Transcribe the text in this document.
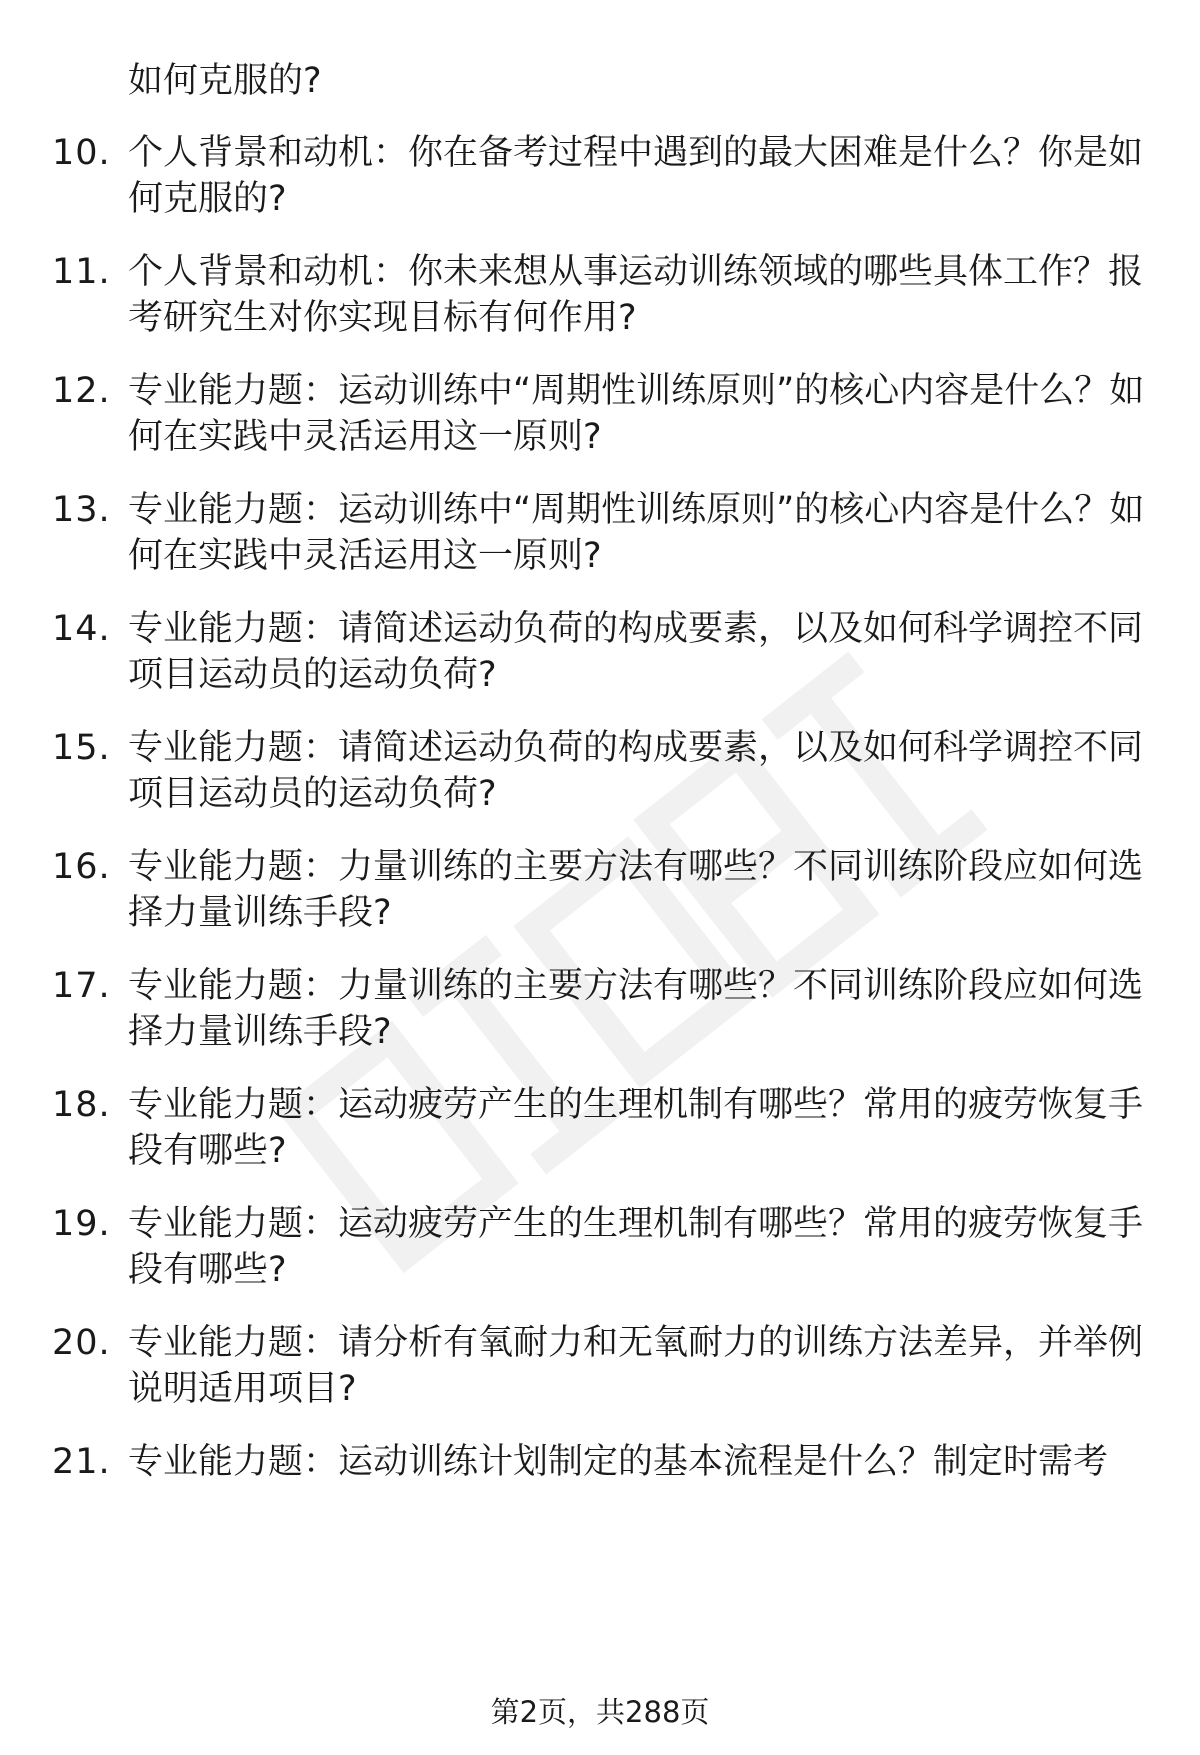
如何克服的?
10. 个人背景和动机：你在备考过程中遇到的最大困难是什么？你是如何克服的?
11. 个人背景和动机：你未来想从事运动训练领域的哪些具体工作？报考研究生对你实现目标有何作用?
12. 专业能力题：运动训练中“周期性训练原则”的核心内容是什么？如何在实践中灵活运用这一原则?
13. 专业能力题：运动训练中“周期性训练原则”的核心内容是什么？如何在实践中灵活运用这一原则?
14. 专业能力题：请简述运动负荷的构成要素，以及如何科学调控不同项目运动员的运动负荷?
15. 专业能力题：请简述运动负荷的构成要素，以及如何科学调控不同项目运动员的运动负荷?
16. 专业能力题：力量训练的主要方法有哪些？不同训练阶段应如何选择力量训练手段?
17. 专业能力题：力量训练的主要方法有哪些？不同训练阶段应如何选择力量训练手段?
18. 专业能力题：运动疲劳产生的生理机制有哪些？常用的疲劳恢复手段有哪些?
19. 专业能力题：运动疲劳产生的生理机制有哪些？常用的疲劳恢复手段有哪些?
20. 专业能力题：请分析有氧耐力和无氧耐力的训练方法差异，并举例说明适用项目?
21. 专业能力题：运动训练计划制定的基本流程是什么？制定时需考
第2页，共288页
